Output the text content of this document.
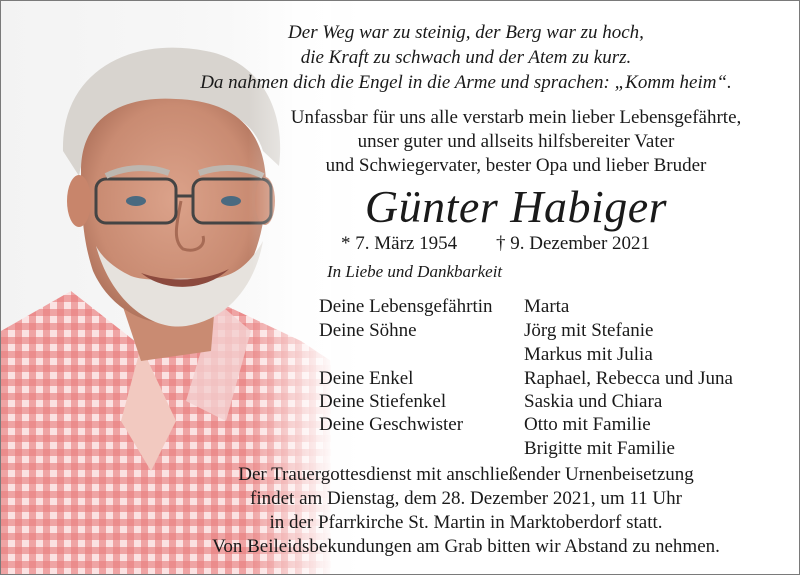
Der Weg war zu steinig, der Berg war zu hoch,
die Kraft zu schwach und der Atem zu kurz.
Da nahmen dich die Engel in die Arme und sprachen: „Komm heim“.
Unfassbar für uns alle verstarb mein lieber Lebensgefährte,
unser guter und allseits hilfsbereiter Vater
und Schwiegervater, bester Opa und lieber Bruder
Günter Habiger
* 7. März 1954 † 9. Dezember 2021
In Liebe und Dankbarkeit
Deine Lebensgefährtin
Deine Söhne
Deine Enkel
Deine Stiefenkel
Deine Geschwister
Marta
Jörg mit Stefanie
Markus mit Julia
Raphael, Rebecca und Juna
Saskia und Chiara
Otto mit Familie
Brigitte mit Familie
Der Trauergottesdienst mit anschließender Urnenbeisetzung
findet am Dienstag, dem 28. Dezember 2021, um 11 Uhr
in der Pfarrkirche St. Martin in Marktoberdorf statt.
Von Beileidsbekundungen am Grab bitten wir Abstand zu nehmen.
